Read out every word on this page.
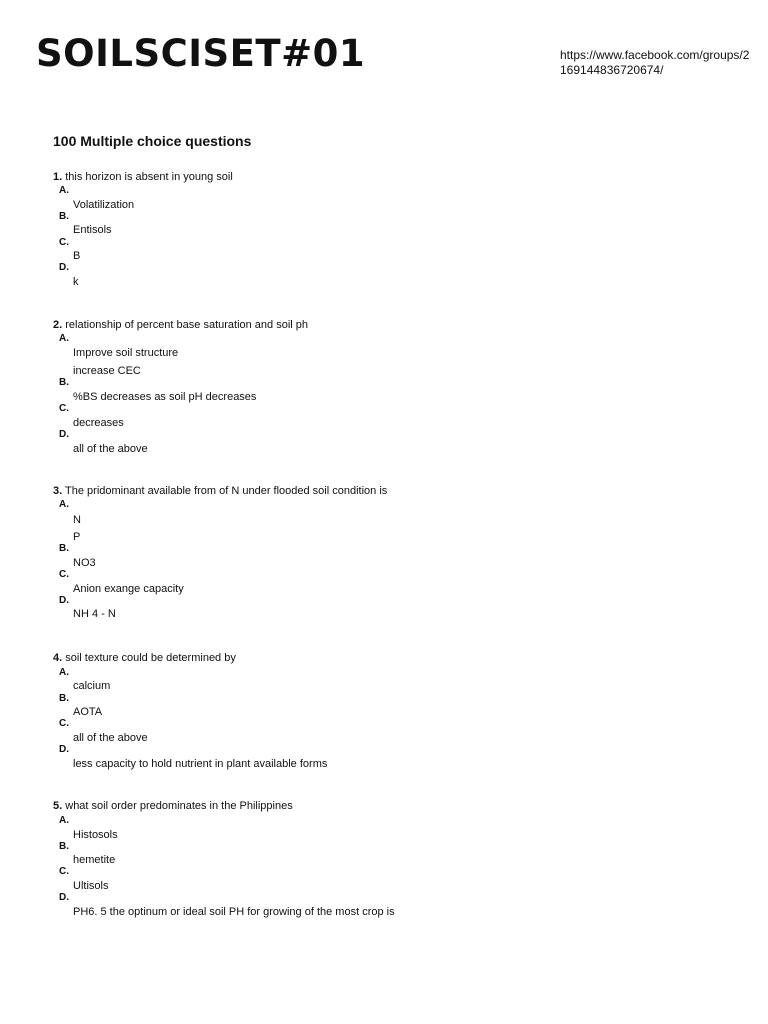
SOILSCISET#01	https://www.facebook.com/groups/2169144836720674/
100 Multiple choice questions
1. this horizon is absent in young soil
A.
Volatilization
B.
Entisols
C.
B
D.
k
2. relationship of percent base saturation and soil ph
A.
Improve soil structure
increase CEC
B.
%BS decreases as soil pH decreases
C.
decreases
D.
all of the above
3. The pridominant available from of N under flooded soil condition is
A.
N
P
B.
NO3
C.
Anion exange capacity
D.
NH 4 - N
4. soil texture could be determined by
A.
calcium
B.
AOTA
C.
all of the above
D.
less capacity to hold nutrient in plant available forms
5. what soil order predominates in the Philippines
A.
Histosols
B.
hemetite
C.
Ultisols
D.
PH6. 5 the optinum or ideal soil PH for growing of the most crop is
